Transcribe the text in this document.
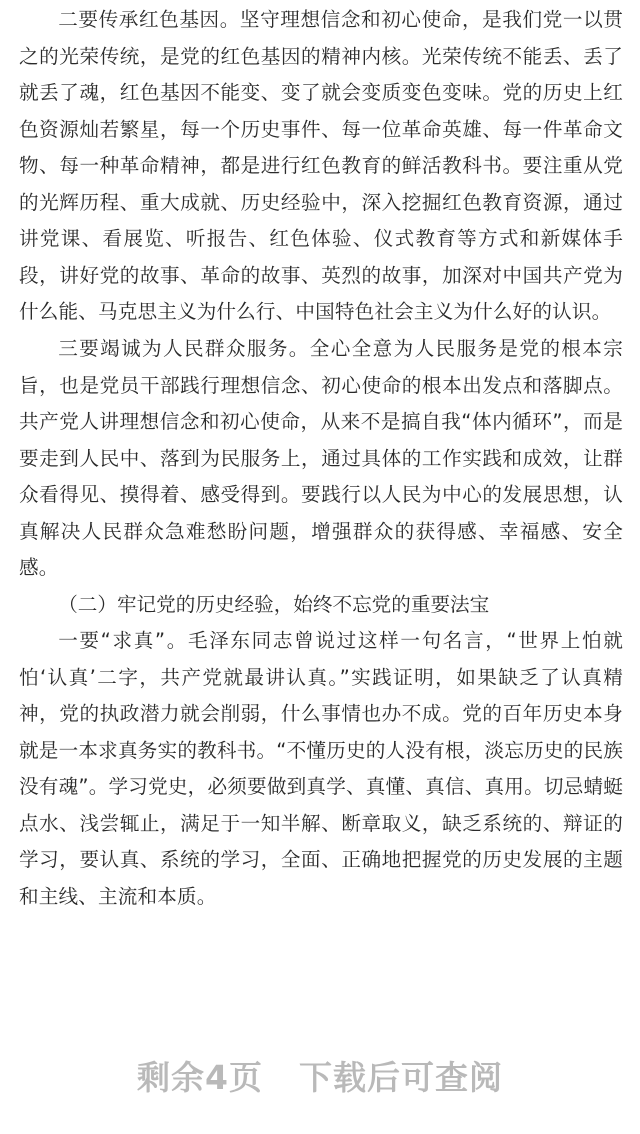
二要传承红色基因。坚守理想信念和初心使命，是我们党一以贯之的光荣传统，是党的红色基因的精神内核。光荣传统不能丢、丢了就丢了魂，红色基因不能变、变了就会变质变色变味。党的历史上红色资源灿若繁星，每一个历史事件、每一位革命英雄、每一件革命文物、每一种革命精神，都是进行红色教育的鲜活教科书。要注重从党的光辉历程、重大成就、历史经验中，深入挖掘红色教育资源，通过讲党课、看展览、听报告、红色体验、仪式教育等方式和新媒体手段，讲好党的故事、革命的故事、英烈的故事，加深对中国共产党为什么能、马克思主义为什么行、中国特色社会主义为什么好的认识。

三要竭诚为人民群众服务。全心全意为人民服务是党的根本宗旨，也是党员干部践行理想信念、初心使命的根本出发点和落脚点。共产党人讲理想信念和初心使命，从来不是搞自我“体内循环”，而是要走到人民中、落到为民服务上，通过具体的工作实践和成效，让群众看得见、摸得着、感受得到。要践行以人民为中心的发展思想，认真解决人民群众急难愁盼问题，增强群众的获得感、幸福感、安全感。

（二）牢记党的历史经验，始终不忘党的重要法宝

一要“求真”。毛泽东同志曾说过这样一句名言，“世界上怕就怕‘认真’二字，共产党就最讲认真。”实践证明，如果缺乏了认真精神，党的执政潜力就会削弱，什么事情也办不成。党的百年历史本身就是一本求真务实的教科书。“不懂历史的人没有根，淡忘历史的民族没有魂”。学习党史，必须要做到真学、真懂、真信、真用。切忌蜻蜓点水、浅尝辄止，满足于一知半解、断章取义，缺乏系统的、辩证的学习，要认真、系统的学习，全面、正确地把握党的历史发展的主题和主线、主流和本质。

剩余4页 下载后可查阅
